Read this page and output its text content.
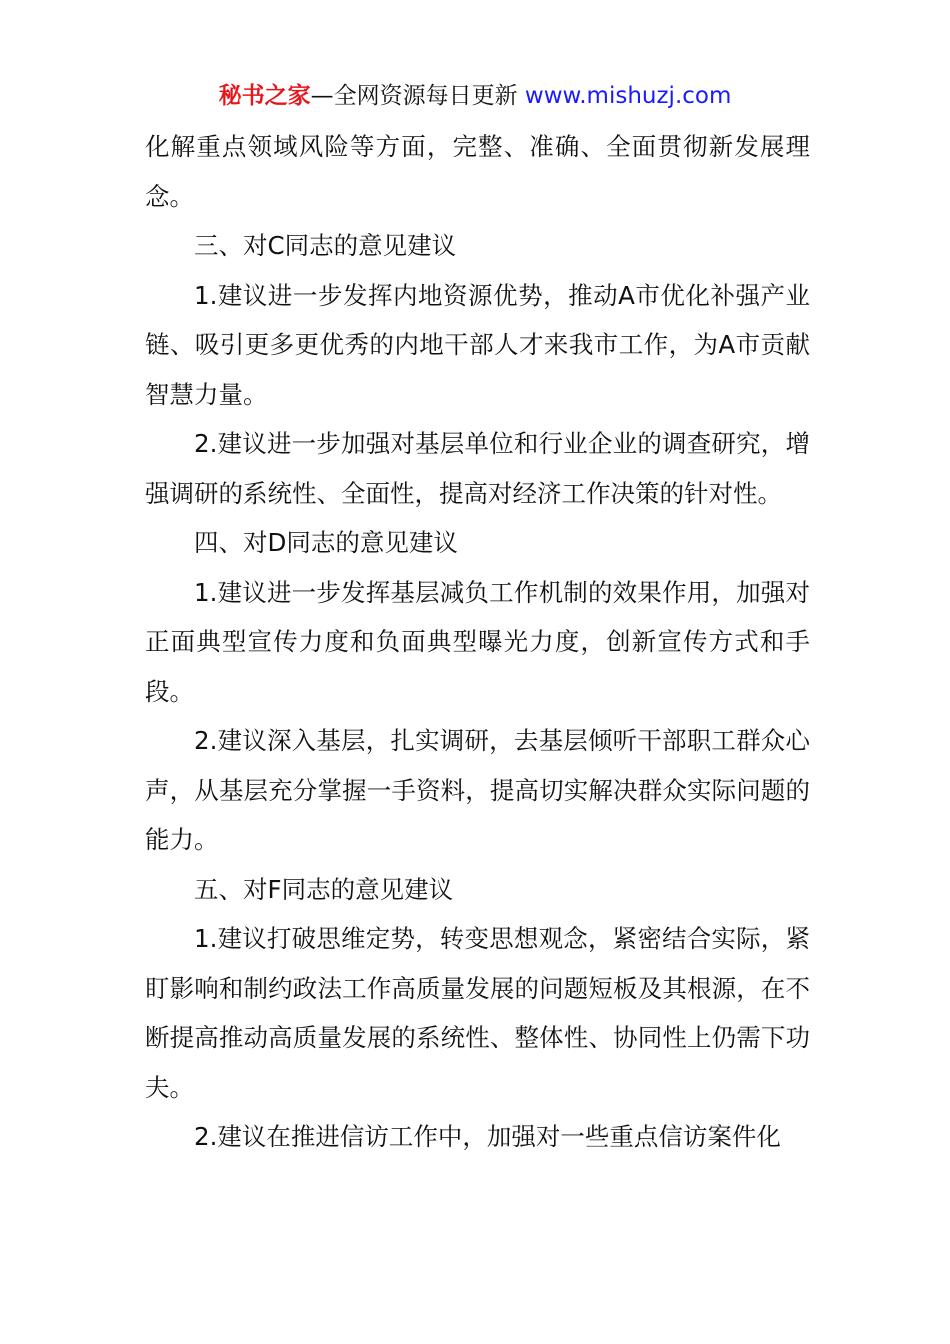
秘书之家—全网资源每日更新 www.mishuzj.com

化解重点领域风险等方面，完整、准确、全面贯彻新发展理念。

三、对C同志的意见建议

1.建议进一步发挥内地资源优势，推动A市优化补强产业链、吸引更多更优秀的内地干部人才来我市工作，为A市贡献智慧力量。

2.建议进一步加强对基层单位和行业企业的调查研究，增强调研的系统性、全面性，提高对经济工作决策的针对性。

四、对D同志的意见建议

1.建议进一步发挥基层减负工作机制的效果作用，加强对正面典型宣传力度和负面典型曝光力度，创新宣传方式和手段。

2.建议深入基层，扎实调研，去基层倾听干部职工群众心声，从基层充分掌握一手资料，提高切实解决群众实际问题的能力。

五、对F同志的意见建议

1.建议打破思维定势，转变思想观念，紧密结合实际，紧盯影响和制约政法工作高质量发展的问题短板及其根源，在不断提高推动高质量发展的系统性、整体性、协同性上仍需下功夫。

2.建议在推进信访工作中，加强对一些重点信访案件化
